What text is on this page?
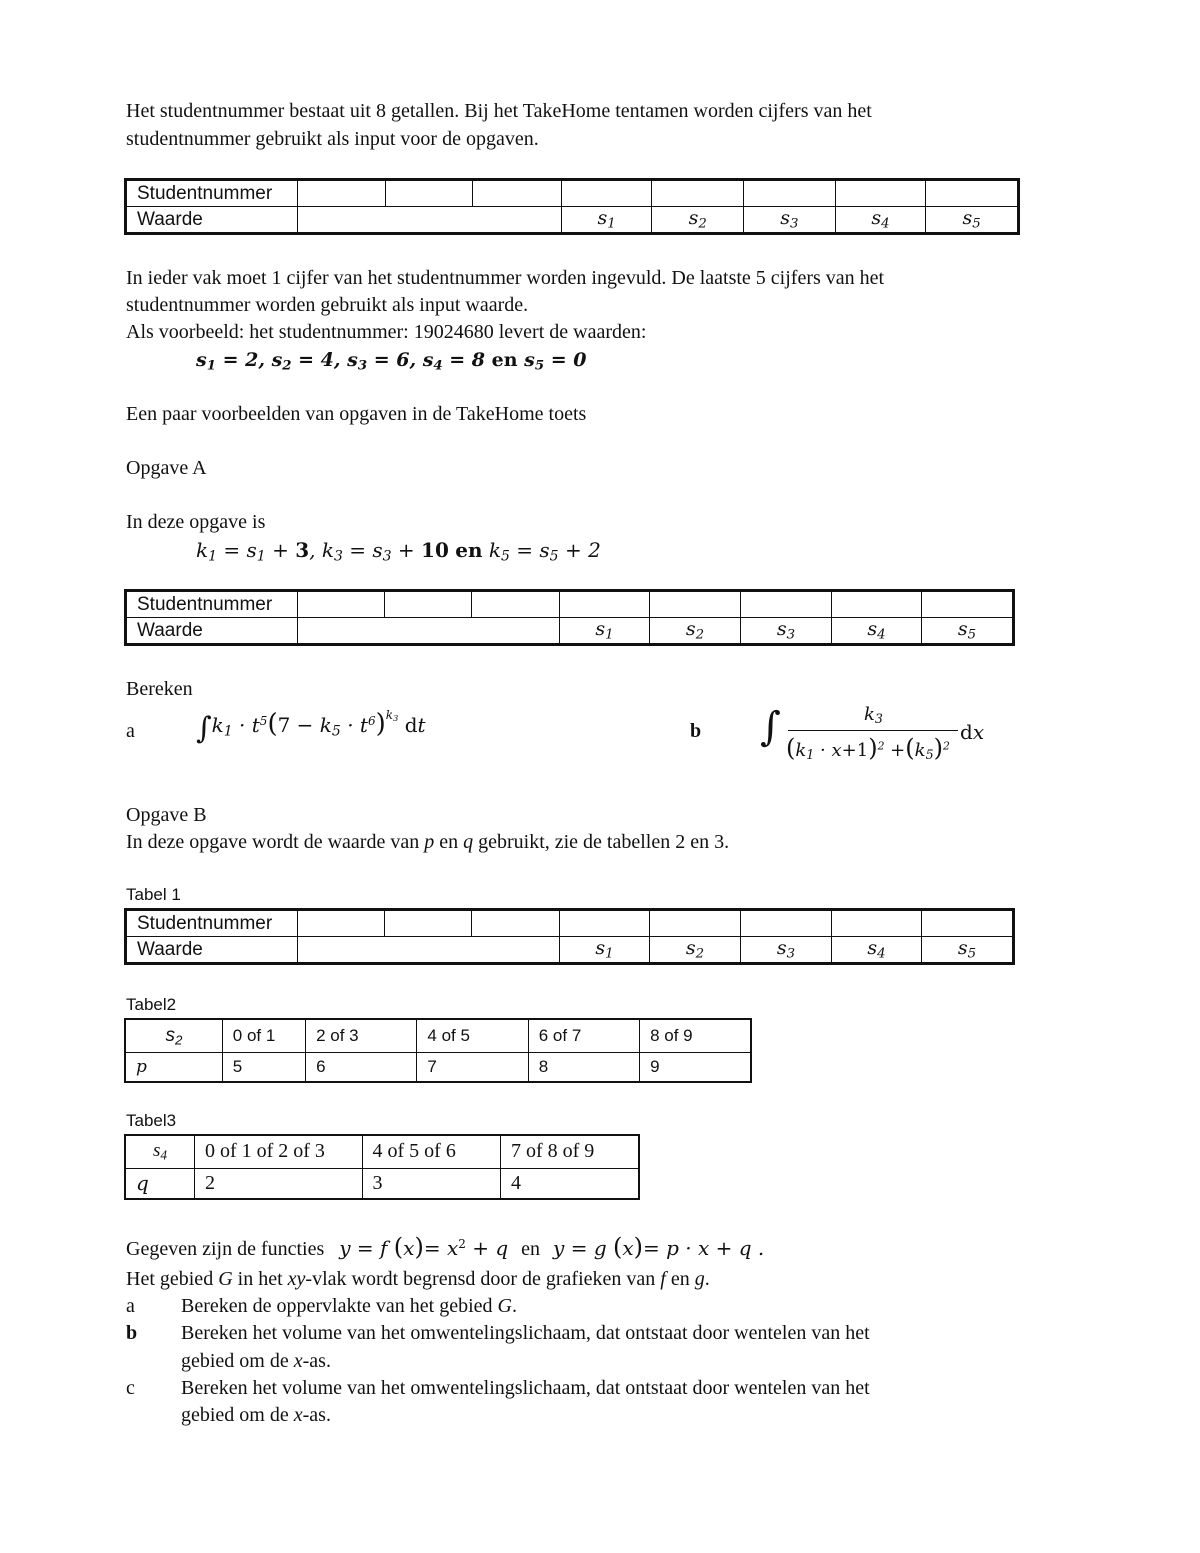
Het studentnummer bestaat uit 8 getallen. Bij het TakeHome tentamen worden cijfers van het
studentnummer gebruikt als input voor de opgaven.
Studentnummer								
Waarde				$s_1$	$s_2$	$s_3$	$s_4$	$s_5$
In ieder vak moet 1 cijfer van het studentnummer worden ingevuld. De laatste 5 cijfers van het
studentnummer worden gebruikt als input waarde.
Als voorbeeld: het studentnummer: 19024680 levert de waarden:
$s_1 = 2$, $s_2 = 4$, $s_3 = 6$, $s_4 = 8$ en $s_5 = 0$
Een paar voorbeelden van opgaven in de TakeHome toets
Opgave A
In deze opgave is
$k_1 = s_1 + 3$, $k_3 = s_3 + 10$ en $k_5 = s_5 + 2$
Studentnummer								
Waarde				$s_1$	$s_2$	$s_3$	$s_4$	$s_5$
Bereken
a $\int k_1 \cdot t^5(7 - k_5 \cdot t^6)^{k_3}$ dt	b ∫	$k_3$
$(k_1 \cdot x+1)^2 +(k_5)^2$
dx
Opgave B
In deze opgave wordt de waarde van p en q gebruikt, zie de tabellen 2 en 3.
Tabel 1
Studentnummer								
Waarde				$s_1$	$s_2$	$s_3$	$s_4$	$s_5$
Tabel2
$s_2$	0 of 1	2 of 3	4 of 5	6 of 7	8 of 9
p	5	6	7	8	9
Tabel3
$s_4$	0 of 1 of 2 of 3	4 of 5 of 6	7 of 8 of 9
q	2	3	4
Gegeven zijn de functies y = f $(x)= x^2 + q$ en y = g (x)= p · x + q .
Het gebied G in het xy-vlak wordt begrensd door de grafieken van f en g.
a Bereken de oppervlakte van het gebied G.
b Bereken het volume van het omwentelingslichaam, dat ontstaat door wentelen van het
gebied om de x-as.
c Bereken het volume van het omwentelingslichaam, dat ontstaat door wentelen van het
gebied om de x-as.
